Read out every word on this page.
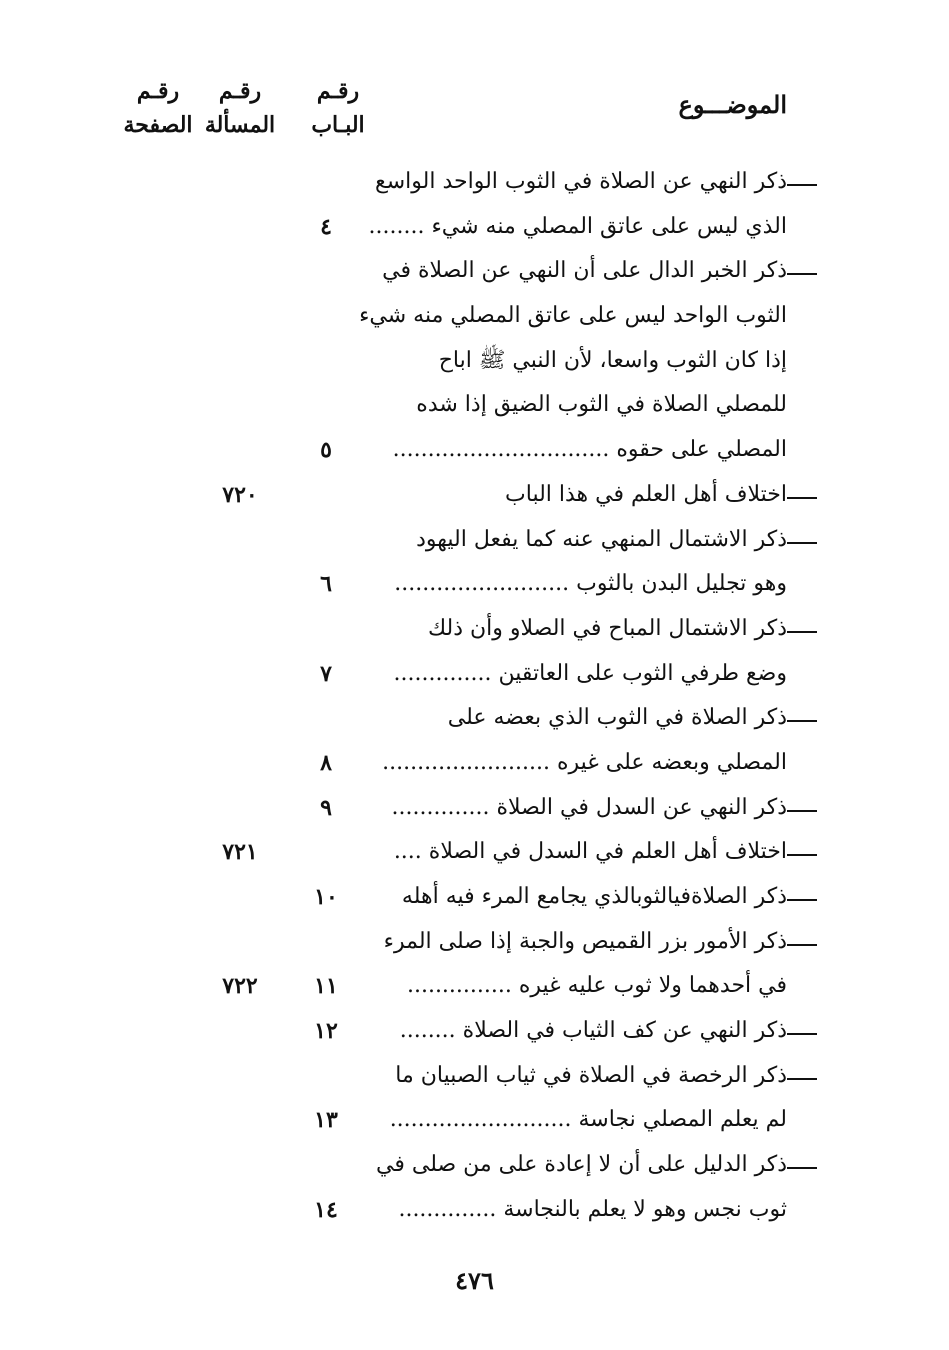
الموضـــوع
رقـم
البـاب
رقـم
المسألة
رقـم
الصفحة
ذكر النهي عن الصلاة في الثوب الواحد الواسع
الذي ليس على عاتق المصلي منه شيء ........
٤
ذكر الخبر الدال على أن النهي عن الصلاة في
الثوب الواحد ليس على عاتق المصلي منه شيء
إذا كان الثوب واسعا، لأن النبي ﷺ اباح
للمصلي الصلاة في الثوب الضيق إذا شده
المصلي على حقوه ...............................
٥
اختلاف أهل العلم في هذا الباب
٧٢٠
ذكر الاشتمال المنهي عنه كما يفعل اليهود
وهو تجليل البدن بالثوب .........................
٦
ذكر الاشتمال المباح في الصلاو وأن ذلك
وضع طرفي الثوب على العاتقين ..............
٧
ذكر الصلاة في الثوب الذي بعضه على
المصلي وبعضه على غيره ........................
٨
ذكر النهي عن السدل في الصلاة ..............
٩
اختلاف أهل العلم في السدل في الصلاة ....
٧٢١
ذكر الصلاةفيالثوبالذي يجامع المرء فيه أهله
١٠
ذكر الأمور بزر القميص والجبة إذا صلى المرء
في أحدهما ولا ثوب عليه غيره ...............
١١
٧٢٢
ذكر النهي عن كف الثياب في الصلاة ........
١٢
ذكر الرخصة في الصلاة في ثياب الصبيان ما
لم يعلم المصلي نجاسة ..........................
١٣
ذكر الدليل على أن لا إعادة على من صلى في
ثوب نجس وهو لا يعلم بالنجاسة ..............
١٤
٤٧٦
